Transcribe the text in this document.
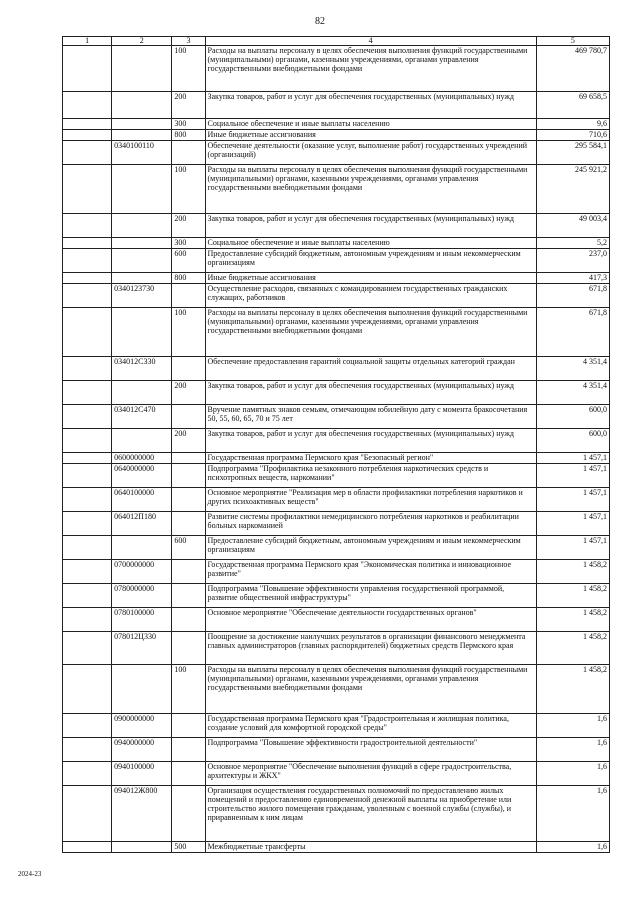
82
1	2	3	4	5
		100	Расходы на выплаты персоналу в целях обеспечения выполнения функций государственными (муниципальными) органами, казенными учреждениями, органами управления государственными внебюджетными фондами	469 780,7
		200	Закупка товаров, работ и услуг для обеспечения государственных (муниципальных) нужд	69 658,5
		300	Социальное обеспечение и иные выплаты населению	9,6
		800	Иные бюджетные ассигнования	710,6
	0340100110		Обеспечение деятельности (оказание услуг, выполнение работ) государственных учреждений (организаций)	295 584,1
		100	Расходы на выплаты персоналу в целях обеспечения выполнения функций государственными (муниципальными) органами, казенными учреждениями, органами управления государственными внебюджетными фондами	245 921,2
		200	Закупка товаров, работ и услуг для обеспечения государственных (муниципальных) нужд	49 003,4
		300	Социальное обеспечение и иные выплаты населению	5,2
		600	Предоставление субсидий бюджетным, автономным учреждениям и иным некоммерческим организациям	237,0
		800	Иные бюджетные ассигнования	417,3
	0340123730		Осуществление расходов, связанных с командированием государственных гражданских служащих, работников	671,8
		100	Расходы на выплаты персоналу в целях обеспечения выполнения функций государственными (муниципальными) органами, казенными учреждениями, органами управления государственными внебюджетными фондами	671,8
	034012С330		Обеспечение предоставления гарантий социальной защиты отдельных категорий граждан	4 351,4
		200	Закупка товаров, работ и услуг для обеспечения государственных (муниципальных) нужд	4 351,4
	034012С470		Вручение памятных знаков семьям, отмечающим юбилейную дату с момента бракосочетания 50, 55, 60, 65, 70 и 75 лет	600,0
		200	Закупка товаров, работ и услуг для обеспечения государственных (муниципальных) нужд	600,0
	0600000000		Государственная программа Пермского края "Безопасный регион"	1 457,1
	0640000000		Подпрограмма "Профилактика незаконного потребления наркотических средств и психотропных веществ, наркомании"	1 457,1
	0640100000		Основное мероприятие "Реализация мер в области профилактики потребления наркотиков и других психоактивных веществ"	1 457,1
	064012П180		Развитие системы профилактики немедицинского потребления наркотиков и реабилитации больных наркоманией	1 457,1
		600	Предоставление субсидий бюджетным, автономным учреждениям и иным некоммерческим организациям	1 457,1
	0700000000		Государственная программа Пермского края "Экономическая политика и инновационное развитие"	1 458,2
	0780000000		Подпрограмма "Повышение эффективности управления государственной программой, развитие общественной инфраструктуры"	1 458,2
	0780100000		Основное мероприятие "Обеспечение деятельности государственных органов"	1 458,2
	078012Ц330		Поощрение за достижение наилучших результатов в организации финансового менеджмента главных администраторов (главных распорядителей) бюджетных средств Пермского края	1 458,2
		100	Расходы на выплаты персоналу в целях обеспечения выполнения функций государственными (муниципальными) органами, казенными учреждениями, органами управления государственными внебюджетными фондами	1 458,2
	0900000000		Государственная программа Пермского края "Градостроительная и жилищная политика, создание условий для комфортной городской среды"	1,6
	0940000000		Подпрограмма "Повышение эффективности градостроительной деятельности"	1,6
	0940100000		Основное мероприятие "Обеспечение выполнения функций в сфере градостроительства, архитектуры и ЖКХ"	1,6
	094012Ж800		Организация осуществления государственных полномочий по предоставлению жилых помещений и предоставлению единовременной денежной выплаты на приобретение или строительство жилого помещения гражданам, уволенным с военной службы (службы), и приравненным к ним лицам	1,6
		500	Межбюджетные трансферты	1,6
2024-23
